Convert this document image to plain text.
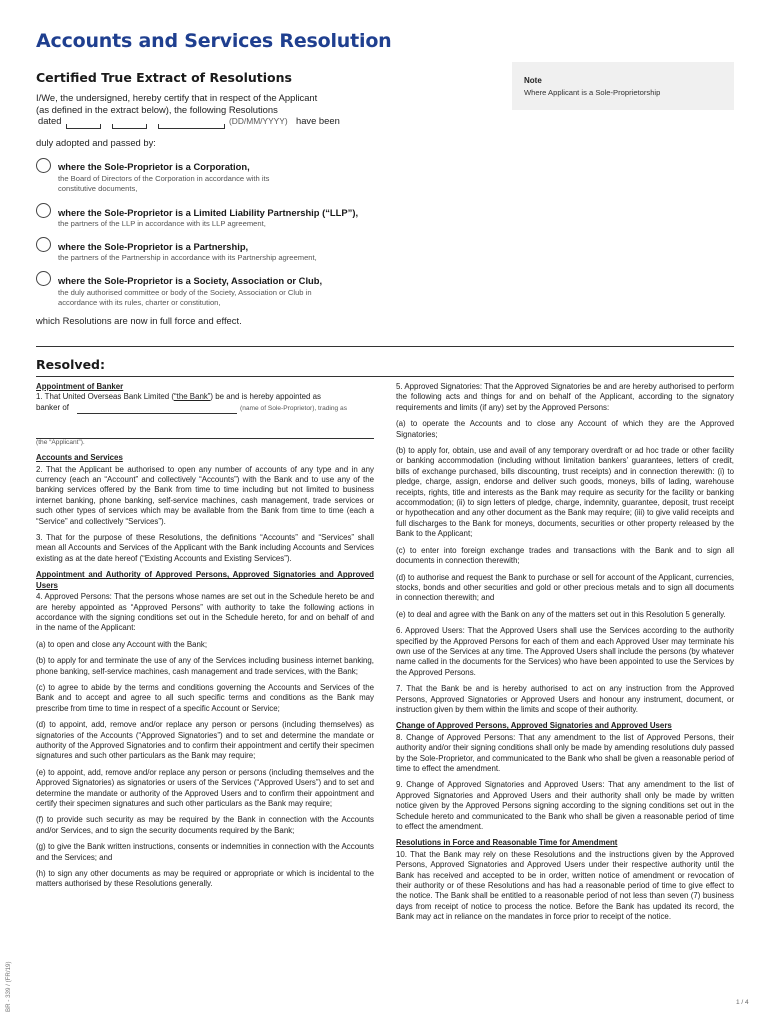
Accounts and Services Resolution
Certified True Extract of Resolutions
I/We, the undersigned, hereby certify that in respect of the Applicant
(as defined in the extract below), the following Resolutions
dated	(DD/MM/YYYY) have been
duly adopted and passed by:
Note
Where Applicant is a Sole-Proprietorship
where the Sole-Proprietor is a Corporation,
the Board of Directors of the Corporation in accordance with its
constitutive documents,
where the Sole-Proprietor is a Limited Liability Partnership (“LLP”),
the partners of the LLP in accordance with its LLP agreement,
where the Sole-Proprietor is a Partnership,
the partners of the Partnership in accordance with its Partnership agreement,
where the Sole-Proprietor is a Society, Association or Club,
the duly authorised committee or body of the Society, Association or Club in
accordance with its rules, charter or constitution,
which Resolutions are now in full force and effect.
Resolved:
Appointment of Banker
1. That United Overseas Bank Limited (“the Bank”) be and is hereby appointed as
banker of	(name of Sole-Proprietor), trading as
(the “Applicant”).
Accounts and Services

2. That the Applicant be authorised to open any number of accounts of any type and in any currency (each an “Account” and collectively “Accounts”) with the Bank and to use any of the banking services offered by the Bank from time to time including but not limited to business internet banking, phone banking, self-service machines, cash management, trade services or such other types of services which may be available from the Bank from time to time (each a “Service” and collectively “Services”).

3. That for the purpose of these Resolutions, the definitions “Accounts” and “Services” shall mean all Accounts and Services of the Applicant with the Bank including Accounts and Services existing as at the date hereof (“Existing Accounts and Existing Services”).

Appointment and Authority of Approved Persons, Approved Signatories and Approved Users

4. Approved Persons: That the persons whose names are set out in the Schedule hereto be and are hereby appointed as “Approved Persons” with authority to take the following actions in accordance with the signing conditions set out in the Schedule hereto, for and on behalf of and in the name of the Applicant:

(a) to open and close any Account with the Bank;

(b) to apply for and terminate the use of any of the Services including business internet banking, phone banking, self-service machines, cash management and trade services, with the Bank;

(c) to agree to abide by the terms and conditions governing the Accounts and Services of the Bank and to accept and agree to all such specific terms and conditions as the Bank may prescribe from time to time in respect of a specific Account or Service;

(d) to appoint, add, remove and/or replace any person or persons (including themselves) as signatories of the Accounts (“Approved Signatories”) and to set and determine the mandate or authority of the Approved Signatories and to confirm their appointment and certify their specimen signatures and such other particulars as the Bank may require;

(e) to appoint, add, remove and/or replace any person or persons (including themselves and the Approved Signatories) as signatories or users of the Services (“Approved Users”) and to set and determine the mandate or authority of the Approved Users and to confirm their appointment and certify their specimen signatures and such other particulars as the Bank may require;

(f) to provide such security as may be required by the Bank in connection with the Accounts and/or Services, and to sign the security documents required by the Bank;

(g) to give the Bank written instructions, consents or indemnities in connection with the Accounts and the Services; and

(h) to sign any other documents as may be required or appropriate or which is incidental to the matters authorised by these Resolutions generally.

5. Approved Signatories: That the Approved Signatories be and are hereby authorised to perform the following acts and things for and on behalf of the Applicant, according to the signatory requirements and limits (if any) set by the Approved Persons:

(a) to operate the Accounts and to close any Account of which they are the Approved Signatories;

(b) to apply for, obtain, use and avail of any temporary overdraft or ad hoc trade or other facility or banking accommodation (including without limitation bankers’ guarantees, letters of credit, bills of exchange purchased, bills discounting, trust receipts) and in connection therewith: (i) to pledge, charge, assign, endorse and deliver such goods, moneys, bills of lading, warehouse receipts, rights, title and interests as the Bank may require as security for the facility or banking accommodation; (ii) to sign letters of pledge, charge, indemnity, guarantee, deposit, trust receipt or hypothecation and any other document as the Bank may require; (iii) to give valid receipts and full discharges to the Bank for moneys, documents, securities or other property released by the Bank to the Applicant;

(c) to enter into foreign exchange trades and transactions with the Bank and to sign all documents in connection therewith;

(d) to authorise and request the Bank to purchase or sell for account of the Applicant, currencies, stocks, bonds and other securities and gold or other precious metals and to sign all documents in connection therewith; and

(e) to deal and agree with the Bank on any of the matters set out in this Resolution 5 generally.

6. Approved Users: That the Approved Users shall use the Services according to the authority specified by the Approved Persons for each of them and each Approved User may terminate his own use of the Services at any time. The Approved Users shall include the persons (by whatever name called in the documents for the Services) who have been appointed to use the Services by the Approved Persons.

7. That the Bank be and is hereby authorised to act on any instruction from the Approved Persons, Approved Signatories or Approved Users and honour any instrument, document, or instruction given by them within the limits and scope of their authority.

Change of Approved Persons, Approved Signatories and Approved Users

8. Change of Approved Persons: That any amendment to the list of Approved Persons, their authority and/or their signing conditions shall only be made by amending resolutions duly passed by the Sole-Proprietor, and communicated to the Bank who shall be given a reasonable period of time to effect the amendment.

9. Change of Approved Signatories and Approved Users: That any amendment to the list of Approved Signatories and Approved Users and their authority shall only be made by written notice given by the Approved Persons signing according to the signing conditions set out in the Schedule hereto and communicated to the Bank who shall be given a reasonable period of time to effect the amendment.

Resolutions in Force and Reasonable Time for Amendment

10. That the Bank may rely on these Resolutions and the instructions given by the Approved Persons, Approved Signatories and Approved Users under their respective authority until the Bank has received and accepted to be in order, written notice of amendment or revocation of their authority or of these Resolutions and has had a reasonable period of time to give effect to the notice. The Bank shall be entitled to a reasonable period of not less than seven (7) business days from receipt of notice to process the notice. Before the Bank has updated its record, the Bank may act in reliance on the mandates in force prior to receipt of the notice.

BR - 339 / (FR/19)	1 / 4
